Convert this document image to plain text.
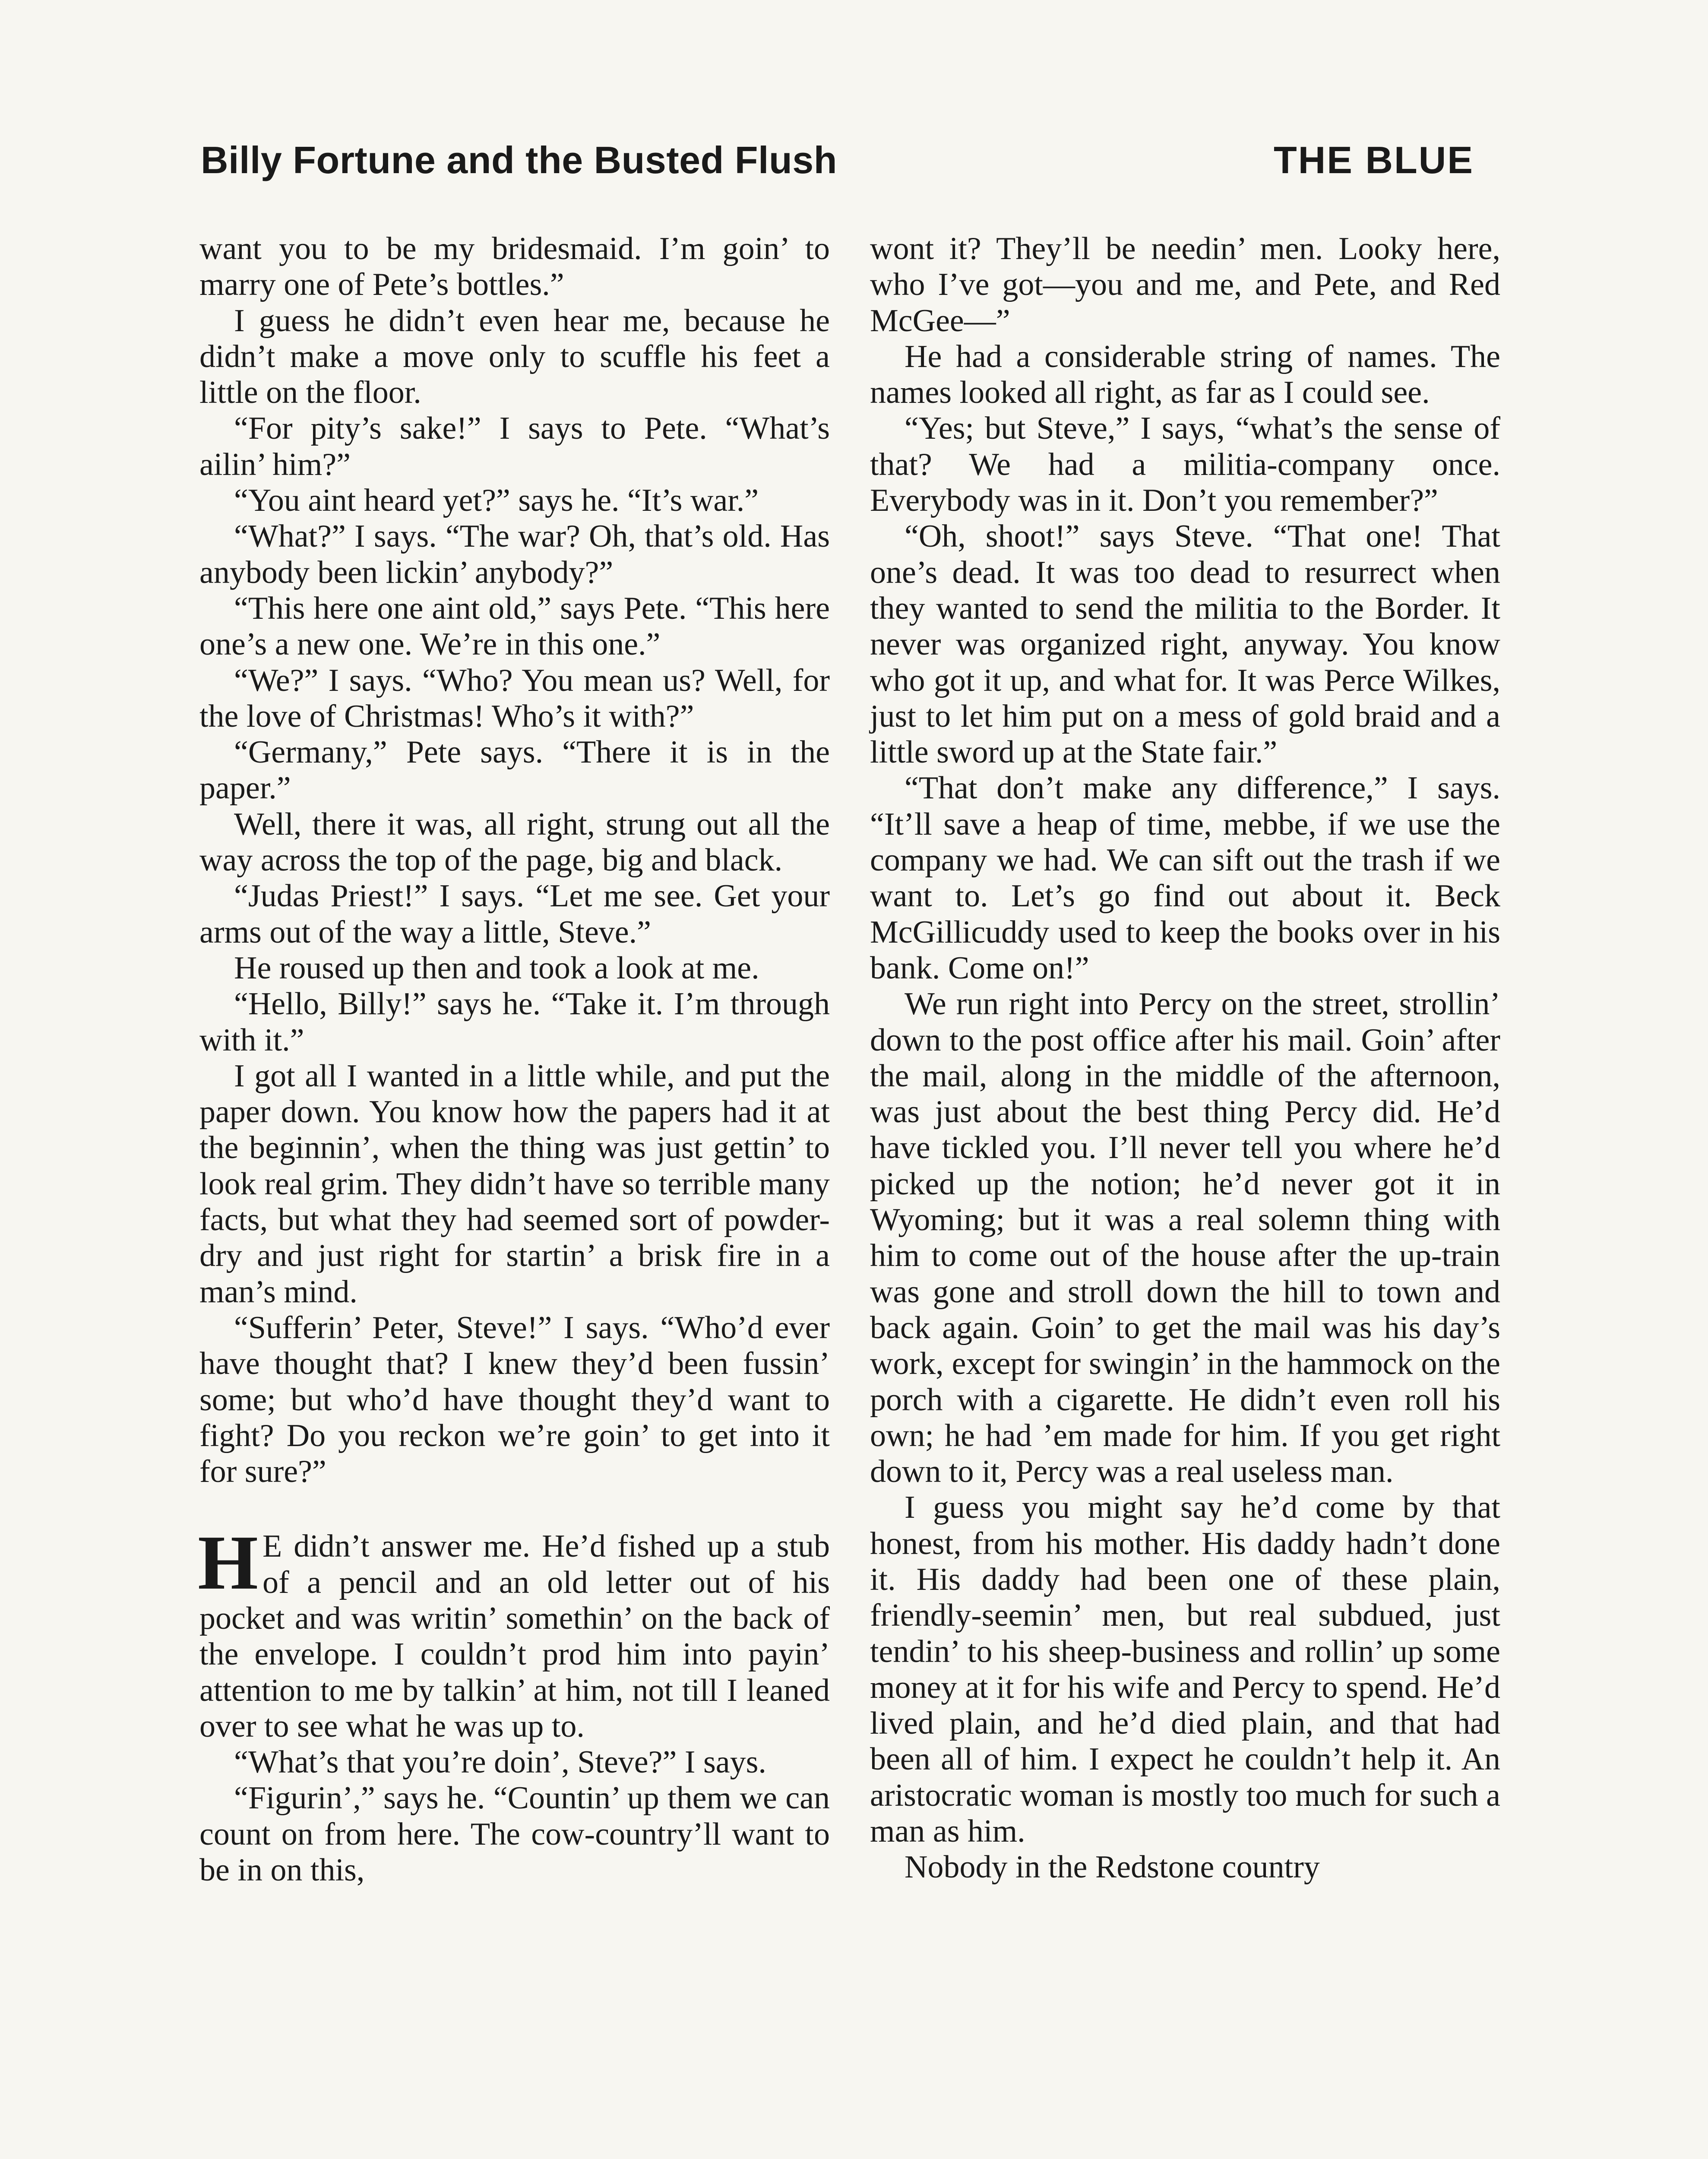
Billy Fortune and the Busted Flush	THE BLUE

want you to be my bridesmaid. I’m goin’ to marry one of Pete’s bottles.”

I guess he didn’t even hear me, because he didn’t make a move only to scuffle his feet a little on the floor.

“For pity’s sake!” I says to Pete. “What’s ailin’ him?”

“You aint heard yet?” says he. “It’s war.”

“What?” I says. “The war? Oh, that’s old. Has anybody been lickin’ anybody?”

“This here one aint old,” says Pete. “This here one’s a new one. We’re in this one.”

“We?” I says. “Who? You mean us? Well, for the love of Christmas! Who’s it with?”

“Germany,” Pete says. “There it is in the paper.”

Well, there it was, all right, strung out all the way across the top of the page, big and black.

“Judas Priest!” I says. “Let me see. Get your arms out of the way a little, Steve.”

He roused up then and took a look at me.

“Hello, Billy!” says he. “Take it. I’m through with it.”

I got all I wanted in a little while, and put the paper down. You know how the papers had it at the beginnin’, when the thing was just gettin’ to look real grim. They didn’t have so terrible many facts, but what they had seemed sort of powder-dry and just right for startin’ a brisk fire in a man’s mind.

“Sufferin’ Peter, Steve!” I says. “Who’d ever have thought that? I knew they’d been fussin’ some; but who’d have thought they’d want to fight? Do you reckon we’re goin’ to get into it for sure?”

H E didn’t answer me. He’d fished up a stub of a pencil and an old letter out of his pocket and was writin’ somethin’ on the back of the envelope. I couldn’t prod him into payin’ attention to me by talkin’ at him, not till I leaned over to see what he was up to.

“What’s that you’re doin’, Steve?” I says.

“Figurin’,” says he. “Countin’ up them we can count on from here. The cow-country’ll want to be in on this,

wont it? They’ll be needin’ men. Looky here, who I’ve got—you and me, and Pete, and Red McGee—”

He had a considerable string of names. The names looked all right, as far as I could see.

“Yes; but Steve,” I says, “what’s the sense of that? We had a militia-company once. Everybody was in it. Don’t you remember?”

“Oh, shoot!” says Steve. “That one! That one’s dead. It was too dead to resurrect when they wanted to send the militia to the Border. It never was organized right, anyway. You know who got it up, and what for. It was Perce Wilkes, just to let him put on a mess of gold braid and a little sword up at the State fair.”

“That don’t make any difference,” I says. “It’ll save a heap of time, mebbe, if we use the company we had. We can sift out the trash if we want to. Let’s go find out about it. Beck McGillicuddy used to keep the books over in his bank. Come on!”

We run right into Percy on the street, strollin’ down to the post office after his mail. Goin’ after the mail, along in the middle of the afternoon, was just about the best thing Percy did. He’d have tickled you. I’ll never tell you where he’d picked up the notion; he’d never got it in Wyoming; but it was a real solemn thing with him to come out of the house after the up-train was gone and stroll down the hill to town and back again. Goin’ to get the mail was his day’s work, except for swingin’ in the hammock on the porch with a cigarette. He didn’t even roll his own; he had ’em made for him. If you get right down to it, Percy was a real useless man.

I guess you might say he’d come by that honest, from his mother. His daddy hadn’t done it. His daddy had been one of these plain, friendly-seemin’ men, but real subdued, just tendin’ to his sheep-business and rollin’ up some money at it for his wife and Percy to spend. He’d lived plain, and he’d died plain, and that had been all of him. I expect he couldn’t help it. An aristocratic woman is mostly too much for such a man as him.

Nobody in the Redstone country
